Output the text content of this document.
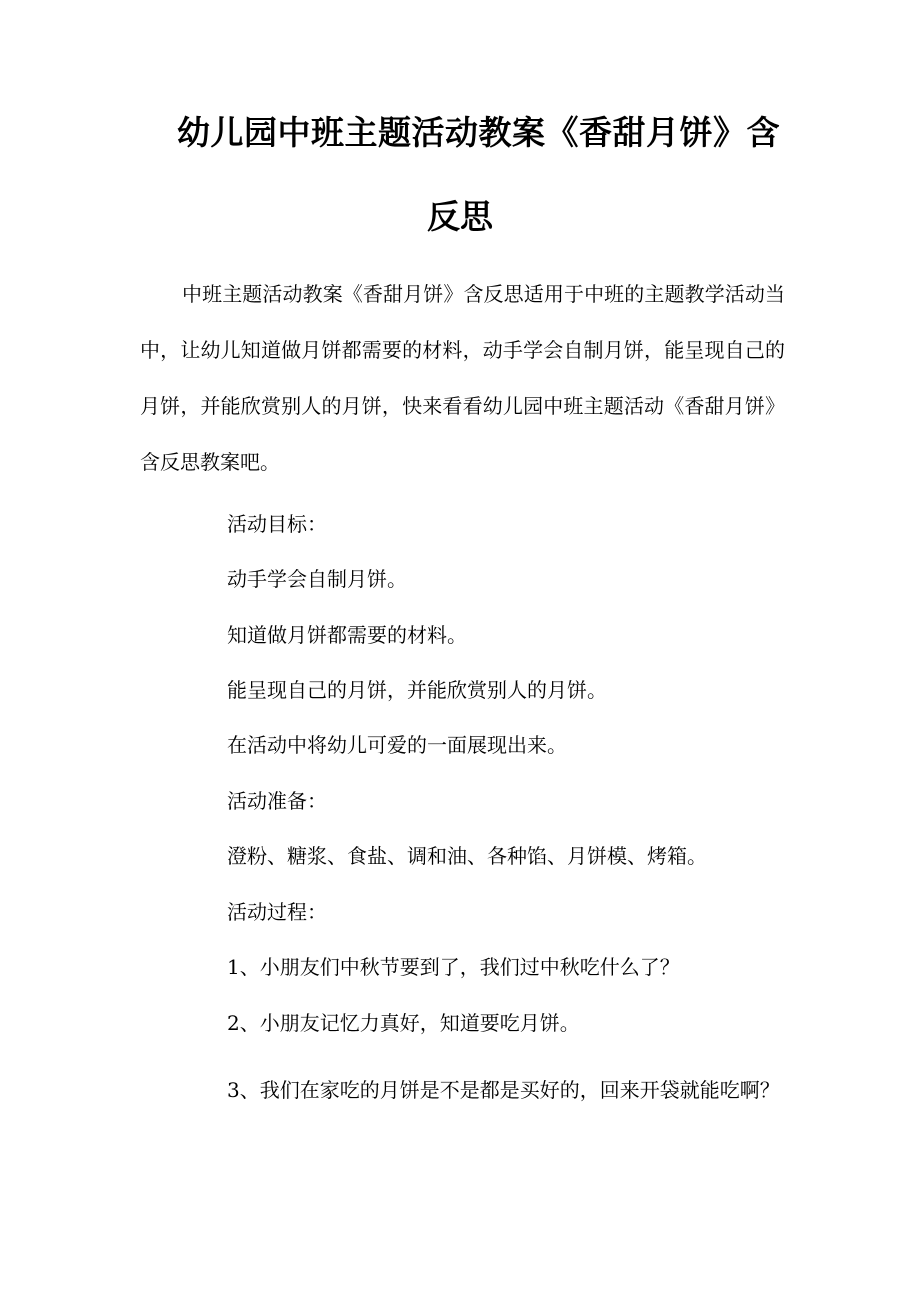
幼儿园中班主题活动教案《香甜月饼》含
反思

中班主题活动教案《香甜月饼》含反思适用于中班的主题教学活动当中，让幼儿知道做月饼都需要的材料，动手学会自制月饼，能呈现自己的月饼，并能欣赏别人的月饼，快来看看幼儿园中班主题活动《香甜月饼》含反思教案吧。

活动目标：

动手学会自制月饼。

知道做月饼都需要的材料。

能呈现自己的月饼，并能欣赏别人的月饼。

在活动中将幼儿可爱的一面展现出来。

活动准备：

澄粉、糖浆、食盐、调和油、各种馅、月饼模、烤箱。

活动过程：

1、小朋友们中秋节要到了，我们过中秋吃什么了？

2、小朋友记忆力真好，知道要吃月饼。

3、我们在家吃的月饼是不是都是买好的，回来开袋就能吃啊？
